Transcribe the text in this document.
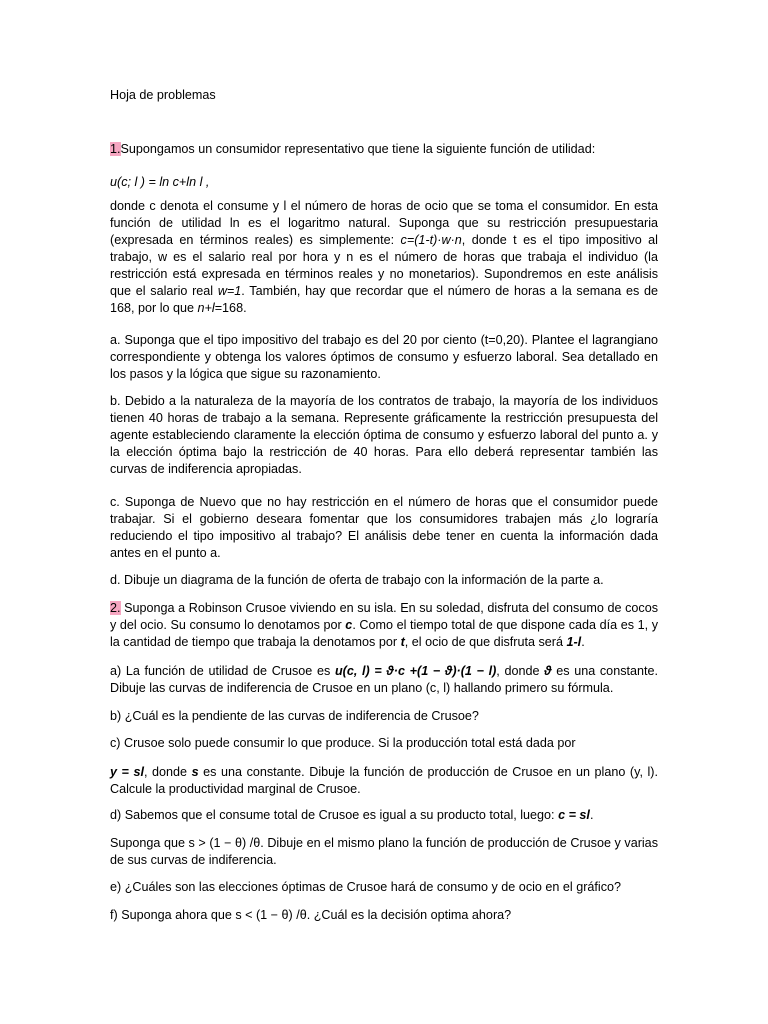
Hoja de problemas

1.Supongamos un consumidor representativo que tiene la siguiente función de utilidad:

u(c; l ) = ln c+ln l ,

donde c denota el consume y l el número de horas de ocio que se toma el consumidor. En esta función de utilidad ln es el logaritmo natural. Suponga que su restricción presupuestaria (expresada en términos reales) es simplemente: c=(1-t)·w·n, donde t es el tipo impositivo al trabajo, w es el salario real por hora y n es el número de horas que trabaja el individuo (la restricción está expresada en términos reales y no monetarios). Supondremos en este análisis que el salario real w=1. También, hay que recordar que el número de horas a la semana es de 168, por lo que n+l=168.

a. Suponga que el tipo impositivo del trabajo es del 20 por ciento (t=0,20). Plantee el lagrangiano correspondiente y obtenga los valores óptimos de consumo y esfuerzo laboral. Sea detallado en los pasos y la lógica que sigue su razonamiento.

b. Debido a la naturaleza de la mayoría de los contratos de trabajo, la mayoría de los individuos tienen 40 horas de trabajo a la semana. Represente gráficamente la restricción presupuesta del agente estableciendo claramente la elección óptima de consumo y esfuerzo laboral del punto a. y la elección óptima bajo la restricción de 40 horas. Para ello deberá representar también las curvas de indiferencia apropiadas.

c. Suponga de Nuevo que no hay restricción en el número de horas que el consumidor puede trabajar. Si el gobierno deseara fomentar que los consumidores trabajen más ¿lo lograría reduciendo el tipo impositivo al trabajo? El análisis debe tener en cuenta la información dada antes en el punto a.

d. Dibuje un diagrama de la función de oferta de trabajo con la información de la parte a.

2. Suponga a Robinson Crusoe viviendo en su isla. En su soledad, disfruta del consumo de cocos y del ocio. Su consumo lo denotamos por c. Como el tiempo total de que dispone cada día es 1, y la cantidad de tiempo que trabaja la denotamos por t, el ocio de que disfruta será 1-l.

a) La función de utilidad de Crusoe es u(c, l) = ϑ·c +(1 − ϑ)·(1 − l), donde ϑ es una constante. Dibuje las curvas de indiferencia de Crusoe en un plano (c, l) hallando primero su fórmula.

b) ¿Cuál es la pendiente de las curvas de indiferencia de Crusoe?

c) Crusoe solo puede consumir lo que produce. Si la producción total está dada por

y = sl, donde s es una constante. Dibuje la función de producción de Crusoe en un plano (y, l). Calcule la productividad marginal de Crusoe.

d) Sabemos que el consume total de Crusoe es igual a su producto total, luego: c = sl.

Suponga que s > (1 − θ) /θ. Dibuje en el mismo plano la función de producción de Crusoe y varias de sus curvas de indiferencia.

e) ¿Cuáles son las elecciones óptimas de Crusoe hará de consumo y de ocio en el gráfico?

f) Suponga ahora que s < (1 − θ) /θ. ¿Cuál es la decisión optima ahora?
